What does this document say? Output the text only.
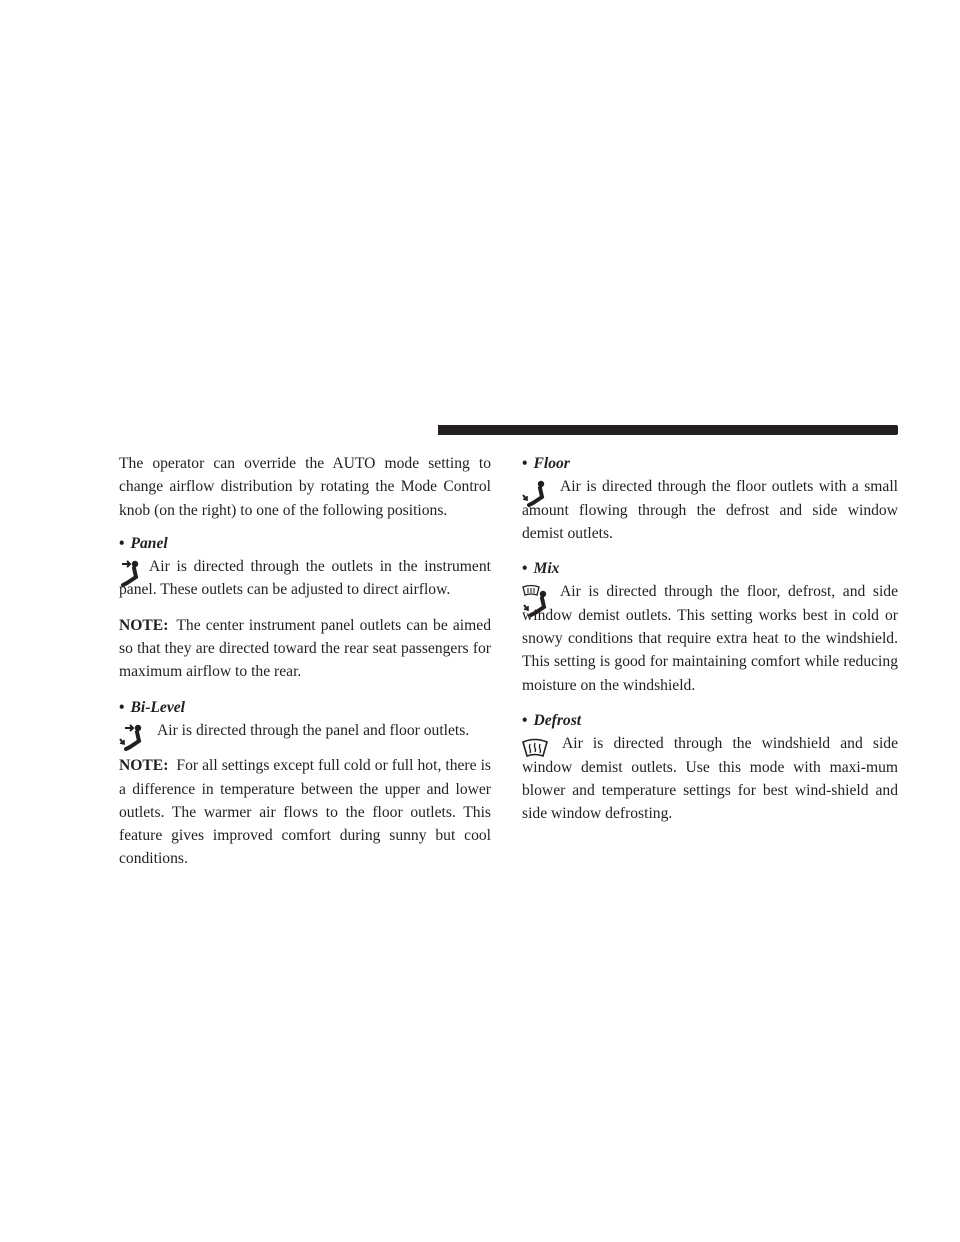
The operator can override the AUTO mode setting to change airflow distribution by rotating the Mode Control knob (on the right) to one of the following positions.

• Panel

Air is directed through the outlets in the instrument panel. These outlets can be adjusted to direct airflow.

NOTE: The center instrument panel outlets can be aimed so that they are directed toward the rear seat passengers for maximum airflow to the rear.

• Bi-Level

Air is directed through the panel and floor outlets.

NOTE: For all settings except full cold or full hot, there is a difference in temperature between the upper and lower outlets. The warmer air flows to the floor outlets. This feature gives improved comfort during sunny but cool conditions.

• Floor

Air is directed through the floor outlets with a small amount flowing through the defrost and side window demist outlets.

• Mix

Air is directed through the floor, defrost, and side window demist outlets. This setting works best in cold or snowy conditions that require extra heat to the windshield. This setting is good for maintaining comfort while reducing moisture on the windshield.

• Defrost

Air is directed through the windshield and side window demist outlets. Use this mode with maxi-mum blower and temperature settings for best wind-shield and side window defrosting.
